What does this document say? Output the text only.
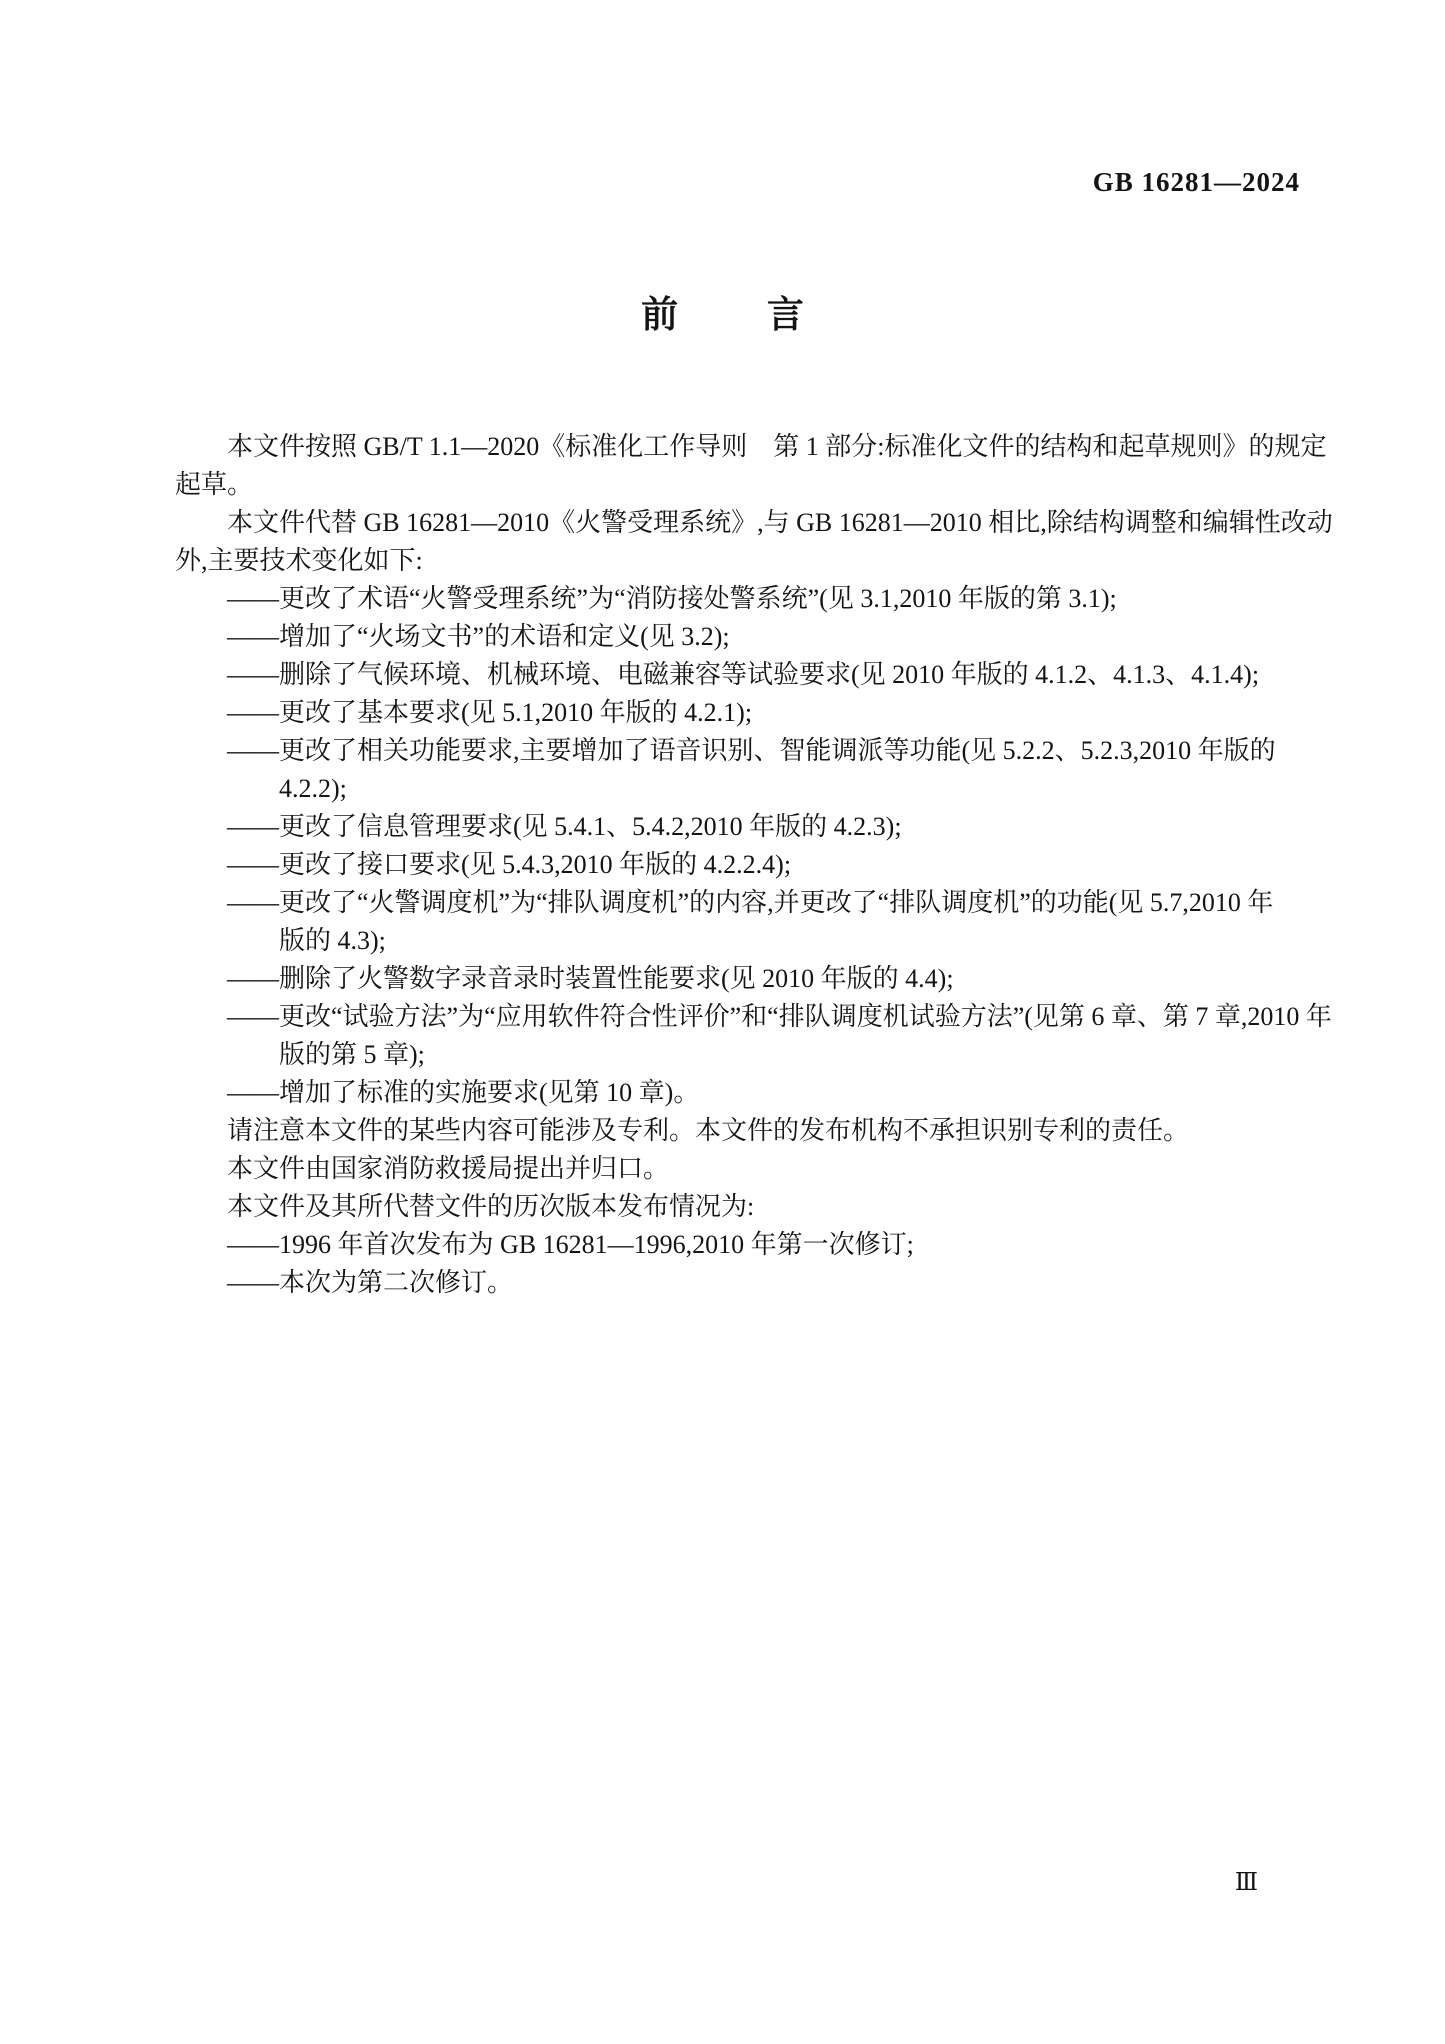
GB 16281—2024
前言
本文件按照 GB/T 1.1—2020《标准化工作导则　第 1 部分:标准化文件的结构和起草规则》的规定
起草。
本文件代替 GB 16281—2010《火警受理系统》,与 GB 16281—2010 相比,除结构调整和编辑性改动
外,主要技术变化如下:
——更改了术语“火警受理系统”为“消防接处警系统”(见 3.1,2010 年版的第 3.1);
——增加了“火场文书”的术语和定义(见 3.2);
——删除了气候环境、机械环境、电磁兼容等试验要求(见 2010 年版的 4.1.2、4.1.3、4.1.4);
——更改了基本要求(见 5.1,2010 年版的 4.2.1);
——更改了相关功能要求,主要增加了语音识别、智能调派等功能(见 5.2.2、5.2.3,2010 年版的
4.2.2);
——更改了信息管理要求(见 5.4.1、5.4.2,2010 年版的 4.2.3);
——更改了接口要求(见 5.4.3,2010 年版的 4.2.2.4);
——更改了“火警调度机”为“排队调度机”的内容,并更改了“排队调度机”的功能(见 5.7,2010 年
版的 4.3);
——删除了火警数字录音录时装置性能要求(见 2010 年版的 4.4);
——更改“试验方法”为“应用软件符合性评价”和“排队调度机试验方法”(见第 6 章、第 7 章,2010 年
版的第 5 章);
——增加了标准的实施要求(见第 10 章)。
请注意本文件的某些内容可能涉及专利。本文件的发布机构不承担识别专利的责任。
本文件由国家消防救援局提出并归口。
本文件及其所代替文件的历次版本发布情况为:
——1996 年首次发布为 GB 16281—1996,2010 年第一次修订;
——本次为第二次修订。
Ⅲ
